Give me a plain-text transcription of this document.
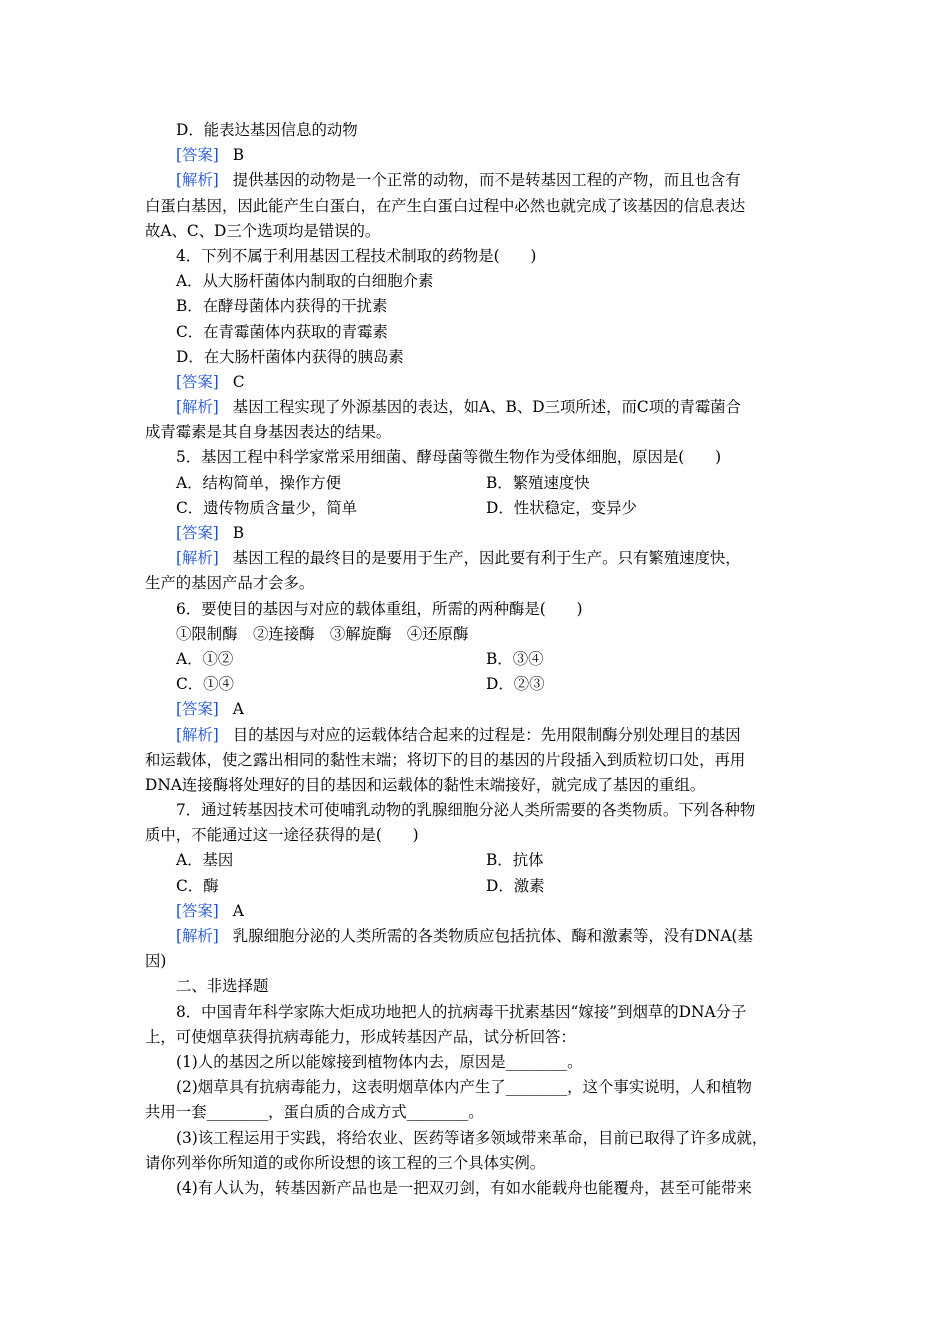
D．能表达基因信息的动物
[答案] B
[解析] 提供基因的动物是一个正常的动物，而不是转基因工程的产物，而且也含有
白蛋白基因，因此能产生白蛋白，在产生白蛋白过程中必然也就完成了该基因的信息表达
故A、C、D三个选项均是错误的。
4．下列不属于利用基因工程技术制取的药物是(　　)
A．从大肠杆菌体内制取的白细胞介素
B．在酵母菌体内获得的干扰素
C．在青霉菌体内获取的青霉素
D．在大肠杆菌体内获得的胰岛素
[答案] C
[解析] 基因工程实现了外源基因的表达，如A、B、D三项所述，而C项的青霉菌合
成青霉素是其自身基因表达的结果。
5．基因工程中科学家常采用细菌、酵母菌等微生物作为受体细胞，原因是(　　)
A．结构简单，操作方便	B．繁殖速度快
C．遗传物质含量少，简单	D．性状稳定，变异少
[答案] B
[解析] 基因工程的最终目的是要用于生产，因此要有利于生产。只有繁殖速度快，
生产的基因产品才会多。
6．要使目的基因与对应的载体重组，所需的两种酶是(　　)
①限制酶　②连接酶　③解旋酶　④还原酶
A．①②	B．③④
C．①④	D．②③
[答案] A
[解析] 目的基因与对应的运载体结合起来的过程是：先用限制酶分别处理目的基因
和运载体，使之露出相同的黏性末端；将切下的目的基因的片段插入到质粒切口处，再用
DNA连接酶将处理好的目的基因和运载体的黏性末端接好，就完成了基因的重组。
7．通过转基因技术可使哺乳动物的乳腺细胞分泌人类所需要的各类物质。下列各种物
质中，不能通过这一途径获得的是(　　)
A．基因	B．抗体
C．酶	D．激素
[答案] A
[解析] 乳腺细胞分泌的人类所需的各类物质应包括抗体、酶和激素等，没有DNA(基
因)
二、非选择题
8．中国青年科学家陈大炬成功地把人的抗病毒干扰素基因“嫁接”到烟草的DNA分子
上，可使烟草获得抗病毒能力，形成转基因产品，试分析回答：
(1)人的基因之所以能嫁接到植物体内去，原因是________。
(2)烟草具有抗病毒能力，这表明烟草体内产生了________，这个事实说明，人和植物
共用一套________，蛋白质的合成方式________。
(3)该工程运用于实践，将给农业、医药等诸多领域带来革命，目前已取得了许多成就，
请你列举你所知道的或你所设想的该工程的三个具体实例。
(4)有人认为，转基因新产品也是一把双刃剑，有如水能载舟也能覆舟，甚至可能带来
